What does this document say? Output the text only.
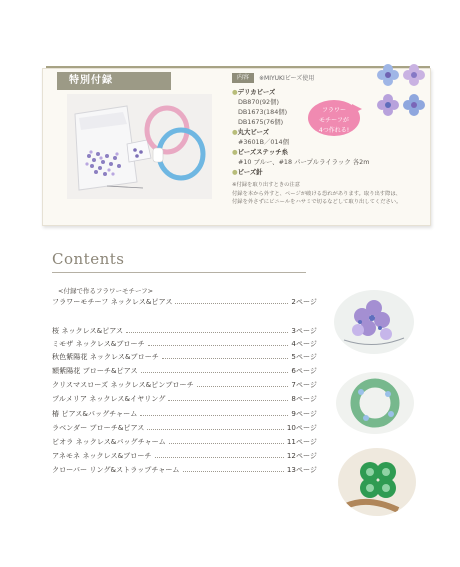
特別付録	内容	※MIYUKIビーズ使用
●デリカビーズ
DB870(92個)
DB1673(184個)
DB1675(76個)
●丸大ビーズ
#3601B／014個
●ビーズステッチ糸
#10 ブルー、#18 パープルライラック 各2m
●ビーズ針
※付録を取り出すときの注意
付録を本から外すと、ページが破ける恐れがあります。取り出す際は、
付録を外さずにビニールをハサミで切るなどして取り出してください。
フラワー
モチーフが
4つ作れる!
Contents
<付録で作るフラワーモチーフ>
フラワーモチーフ ネックレス&ピアス	2ページ
桜 ネックレス&ピアス	3ページ
ミモザ ネックレス&ブローチ	4ページ
秋色紫陽花 ネックレス&ブローチ	5ページ
額紫陽花 ブローチ&ピアス	6ページ
クリスマスローズ ネックレス&ピンブローチ	7ページ
プルメリア ネックレス&イヤリング	8ページ
椿 ピアス&バッグチャーム	9ページ
ラベンダー ブローチ&ピアス	10ページ
ビオラ ネックレス&バッグチャーム	11ページ
アネモネ ネックレス&ブローチ	12ページ
クローバー リング&ストラップチャーム	13ページ
